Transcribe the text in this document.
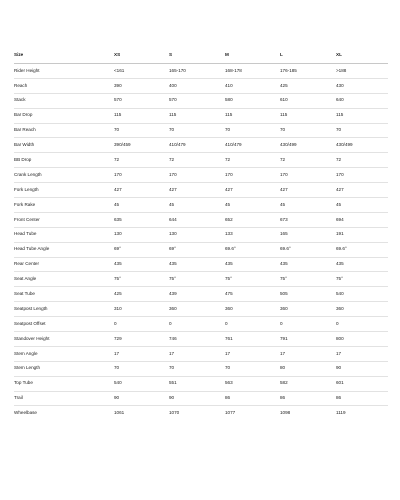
Size	XS	S	M	L	XL
Rider Height	<161	165-170	168-178	176-185	>188
Reach	390	400	410	425	430
Stack	570	570	580	610	640
Bar Drop	115	115	115	115	115
Bar Reach	70	70	70	70	70
Bar Width	390/459	410/479	410/479	430/499	430/499
BB Drop	72	72	72	72	72
Crank Length	170	170	170	170	170
Fork Length	427	427	427	427	427
Fork Rake	45	45	45	45	45
Front Center	635	644	652	673	694
Head Tube	130	130	133	165	191
Head Tube Angle	69°	69°	69.6°	69.6°	69.6°
Rear Center	435	435	435	435	435
Seat Angle	75°	75°	75°	75°	75°
Seat Tube	425	439	475	505	540
Seatpost Length	310	360	360	360	360
Seatpost Offset	0	0	0	0	0
Standover Height	729	746	761	791	800
Stem Angle	17	17	17	17	17
Stem Length	70	70	70	80	90
Top Tube	540	551	563	582	601
Trail	90	90	86	86	86
Wheelbase	1061	1070	1077	1098	1119
